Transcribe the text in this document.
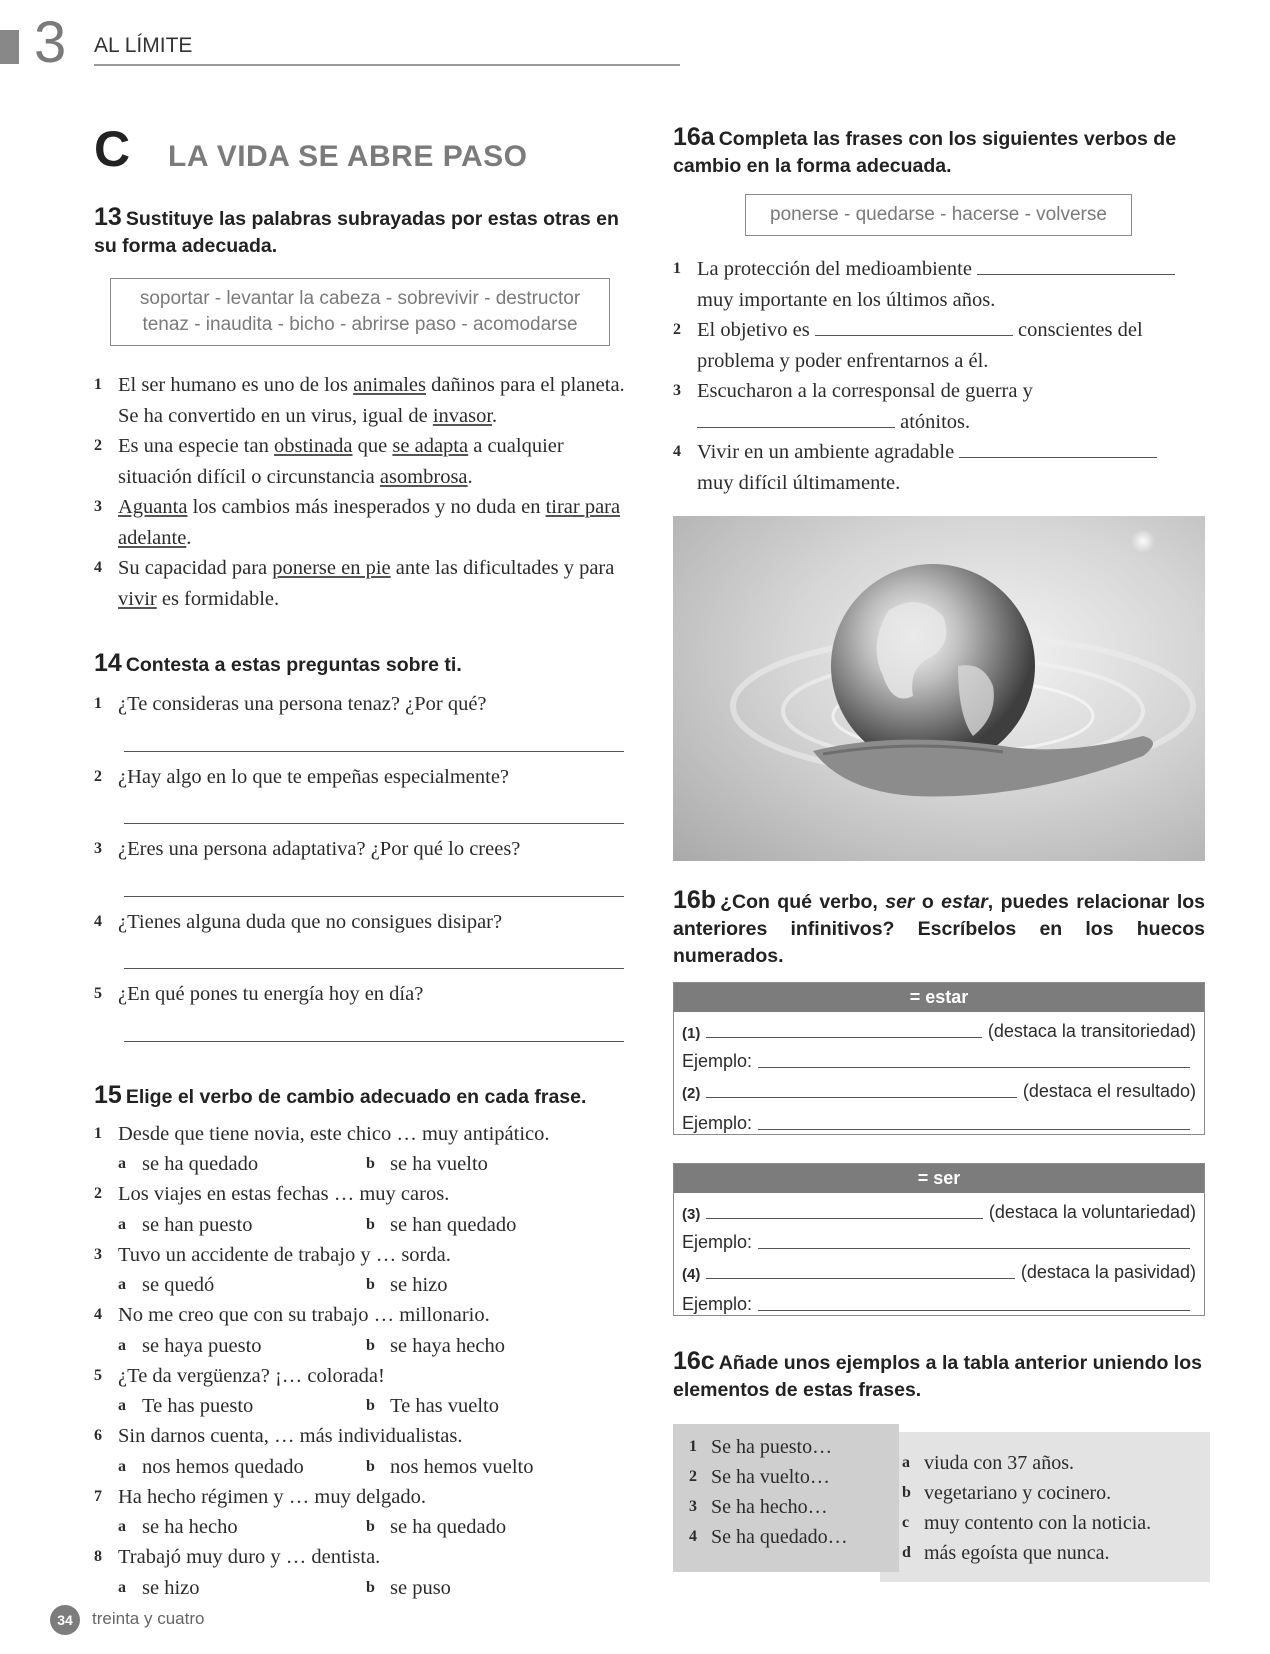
3 AL LÍMITE
C	LA VIDA SE ABRE PASO
13 Sustituye las palabras subrayadas por estas otras en su forma adecuada.
soportar - levantar la cabeza - sobrevivir - destructor
tenaz - inaudita - bicho - abrirse paso - acomodarse
1 El ser humano es uno de los animales dañinos para el planeta. Se ha convertido en un virus, igual de invasor.
2 Es una especie tan obstinada que se adapta a cualquier situación difícil o circunstancia asombrosa.
3 Aguanta los cambios más inesperados y no duda en tirar para adelante.
4 Su capacidad para ponerse en pie ante las dificultades y para vivir es formidable.
14 Contesta a estas preguntas sobre ti.
1 ¿Te consideras una persona tenaz? ¿Por qué?
2 ¿Hay algo en lo que te empeñas especialmente?
3 ¿Eres una persona adaptativa? ¿Por qué lo crees?
4 ¿Tienes alguna duda que no consigues disipar?
5 ¿En qué pones tu energía hoy en día?
15 Elige el verbo de cambio adecuado en cada frase.
1 Desde que tiene novia, este chico … muy antipático.
a se ha quedado	b se ha vuelto
2 Los viajes en estas fechas … muy caros.
a se han puesto	b se han quedado
3 Tuvo un accidente de trabajo y … sorda.
a se quedó	b se hizo
4 No me creo que con su trabajo … millonario.
a se haya puesto	b se haya hecho
5 ¿Te da vergüenza? ¡… colorada!
a Te has puesto	b Te has vuelto
6 Sin darnos cuenta, … más individualistas.
a nos hemos quedado	b nos hemos vuelto
7 Ha hecho régimen y … muy delgado.
a se ha hecho	b se ha quedado
8 Trabajó muy duro y … dentista.
a se hizo	b se puso
16a Completa las frases con los siguientes verbos de cambio en la forma adecuada.
ponerse - quedarse - hacerse - volverse
1 La protección del medioambiente
muy importante en los últimos años.
2 El objetivo es	conscientes del
problema y poder enfrentarnos a él.
3 Escucharon a la corresponsal de guerra y
atónitos.
4 Vivir en un ambiente agradable
muy difícil últimamente.
16b ¿Con qué verbo, ser o estar, puedes relacionar los anteriores infinitivos? Escríbelos en los huecos numerados.
= estar
(1)	(destaca la transitoriedad)
Ejemplo:
(2)	(destaca el resultado)
Ejemplo:
= ser
(3)	(destaca la voluntariedad)
Ejemplo:
(4)	(destaca la pasividad)
Ejemplo:
16c Añade unos ejemplos a la tabla anterior uniendo los elementos de estas frases.
a viuda con 37 años.
b vegetariano y cocinero.
c muy contento con la noticia.
d más egoísta que nunca.
1 Se ha puesto…
2 Se ha vuelto…
3 Se ha hecho…
4 Se ha quedado…
34	treinta y cuatro
